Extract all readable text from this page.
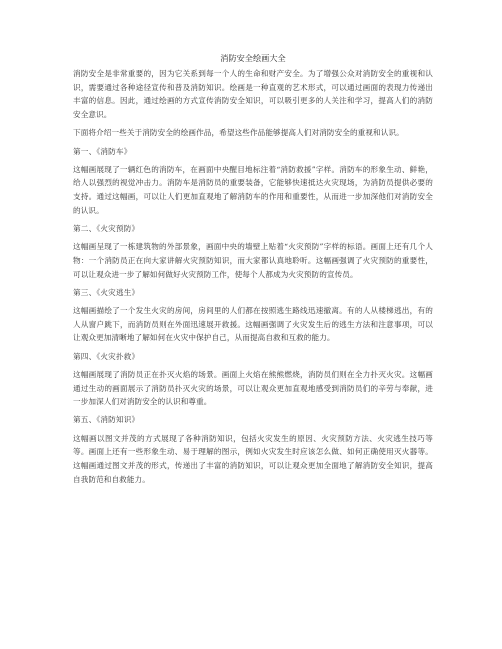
消防安全绘画大全

消防安全是非常重要的，因为它关系到每一个人的生命和财产安全。为了增强公众对消防安全的重视和认识，需要通过各种途径宣传和普及消防知识。绘画是一种直观的艺术形式，可以通过画面的表现力传递出丰富的信息。因此，通过绘画的方式宣传消防安全知识，可以吸引更多的人关注和学习，提高人们的消防安全意识。

下面将介绍一些关于消防安全的绘画作品，希望这些作品能够提高人们对消防安全的重视和认识。

第一、《消防车》

这幅画展现了一辆红色的消防车，在画面中央醒目地标注着“消防救援”字样。消防车的形象生动、鲜艳，给人以强烈的视觉冲击力。消防车是消防员的重要装备，它能够快速抵达火灾现场，为消防员提供必要的支持。通过这幅画，可以让人们更加直观地了解消防车的作用和重要性，从而进一步加深他们对消防安全的认识。

第二、《火灾预防》

这幅画呈现了一栋建筑物的外部景象，画面中央的墙壁上贴着“火灾预防”字样的标语。画面上还有几个人物：一个消防员正在向大家讲解火灾预防知识，而大家都认真地聆听。这幅画强调了火灾预防的重要性，可以让观众进一步了解如何做好火灾预防工作，使每个人都成为火灾预防的宣传员。

第三、《火灾逃生》

这幅画描绘了一个发生火灾的房间，房间里的人们都在按照逃生路线迅速撤离。有的人从楼梯逃出，有的人从窗户跳下，而消防员则在外面迅速展开救援。这幅画强调了火灾发生后的逃生方法和注意事项，可以让观众更加清晰地了解如何在火灾中保护自己，从而提高自救和互救的能力。

第四、《火灾扑救》

这幅画展现了消防员正在扑灭火焰的场景。画面上火焰在熊熊燃烧，消防员们则在全力扑灭火灾。这幅画通过生动的画面展示了消防员扑灭火灾的场景，可以让观众更加直观地感受到消防员们的辛劳与奉献，进一步加深人们对消防安全的认识和尊重。

第五、《消防知识》

这幅画以图文并茂的方式展现了各种消防知识，包括火灾发生的原因、火灾预防方法、火灾逃生技巧等等。画面上还有一些形象生动、易于理解的图示，例如火灾发生时应该怎么做、如何正确使用灭火器等。这幅画通过图文并茂的形式，传递出了丰富的消防知识，可以让观众更加全面地了解消防安全知识，提高自我防范和自救能力。
